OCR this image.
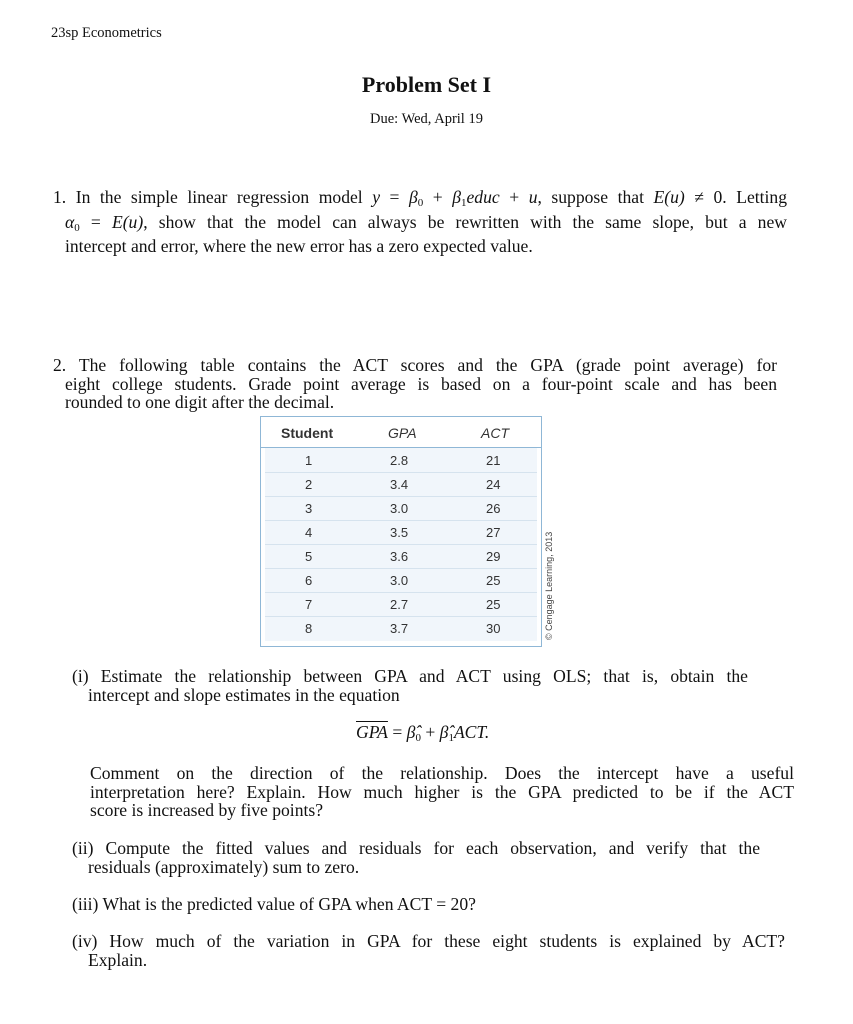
23sp Econometrics
Problem Set I
Due: Wed, April 19
1. In the simple linear regression model y = β0 + β1educ + u, suppose that E(u) ≠ 0. Letting
α0 = E(u), show that the model can always be rewritten with the same slope, but a new
intercept and error, where the new error has a zero expected value.
2. The following table contains the ACT scores and the GPA (grade point average) for
eight college students. Grade point average is based on a four-point scale and has been
rounded to one digit after the decimal.
Student	GPA	ACT
1	2.8	21
2	3.4	24
3	3.0	26
4	3.5	27
5	3.6	29
6	3.0	25
7	2.7	25
8	3.7	30	© Cengage Learning, 2013
(i) Estimate the relationship between GPA and ACT using OLS; that is, obtain the
intercept and slope estimates in the equation
$\overline{GPA}$ = β̂0 + β̂1ACT.
Comment on the direction of the relationship. Does the intercept have a useful
interpretation here? Explain. How much higher is the GPA predicted to be if the ACT
score is increased by five points?
(ii) Compute the fitted values and residuals for each observation, and verify that the
residuals (approximately) sum to zero.
(iii) What is the predicted value of GPA when ACT = 20?
(iv) How much of the variation in GPA for these eight students is explained by ACT?
Explain.
